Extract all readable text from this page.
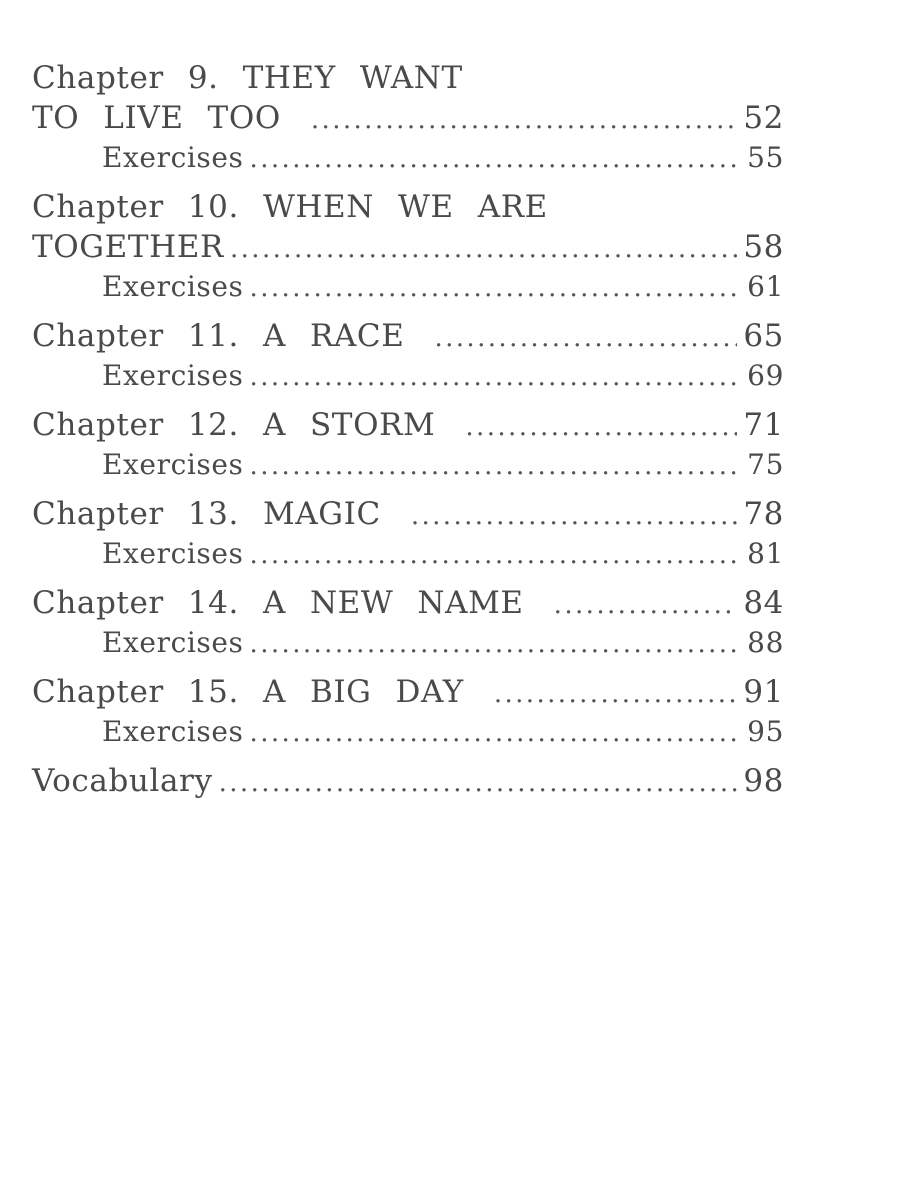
Chapter 9. THEY WANT
TO LIVE TOO .....	52
Exercises .....	55
Chapter 10. WHEN WE ARE
TOGETHER .....	58
Exercises .....	61
Chapter 11. A RACE .....	65
Exercises .....	69
Chapter 12. A STORM .....	71
Exercises .....	75
Chapter 13. MAGIC .....	78
Exercises .....	81
Chapter 14. A NEW NAME .....	84
Exercises .....	88
Chapter 15. A BIG DAY .....	91
Exercises .....	95
Vocabulary .....	98
